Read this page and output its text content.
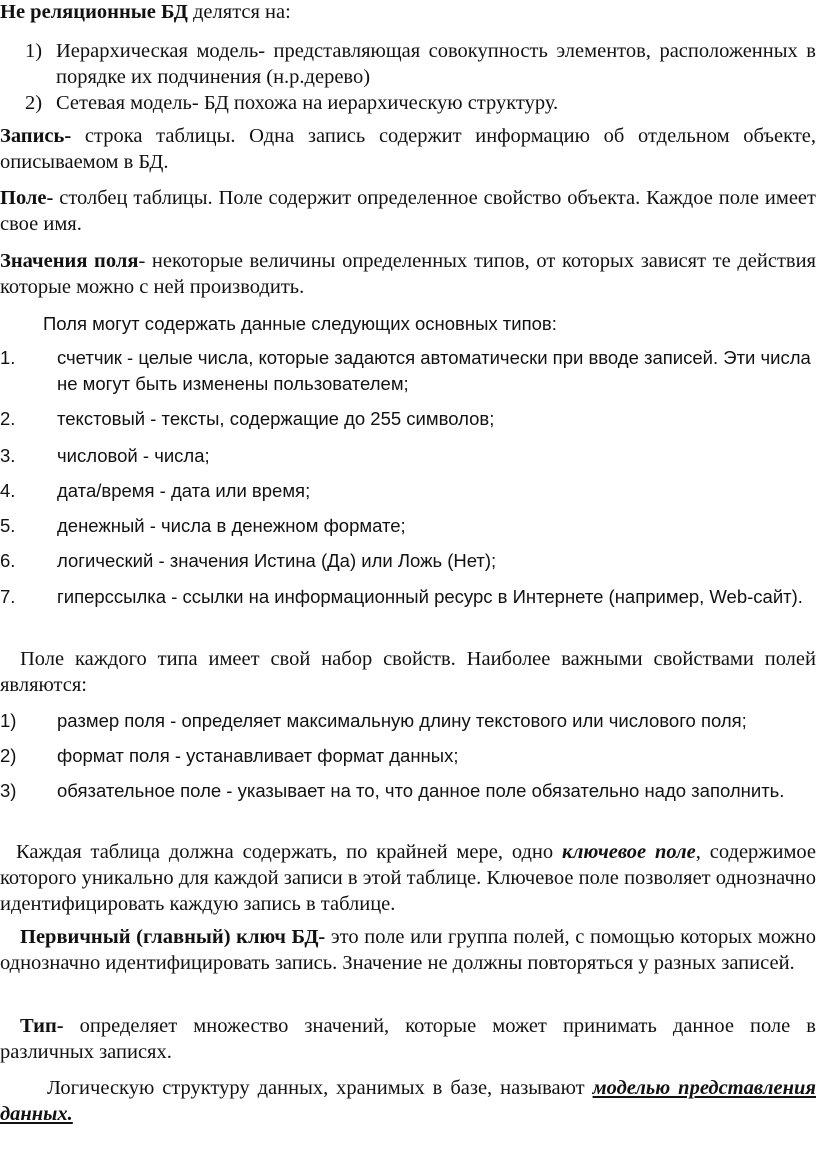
Не реляционные БД делятся на:

1) Иерархическая модель- представляющая совокупность элементов, расположенных в порядке их подчинения (н.р.дерево)
2) Сетевая модель- БД похожа на иерархическую структуру.

Запись- строка таблицы. Одна запись содержит информацию об отдельном объекте, описываемом в БД.

Поле- столбец таблицы. Поле содержит определенное свойство объекта. Каждое поле имеет свое имя.

Значения поля- некоторые величины определенных типов, от которых зависят те действия которые можно с ней производить.

Поля могут содержать данные следующих основных типов:

1.	счетчик - целые числа, которые задаются автоматически при вводе записей. Эти числа не могут быть изменены пользователем;
2.	текстовый - тексты, содержащие до 255 символов;
3.	числовой - числа;
4.	дата/время - дата или время;
5.	денежный - числа в денежном формате;
6.	логический - значения Истина (Да) или Ложь (Нет);
7.	гиперссылка - ссылки на информационный ресурс в Интернете (например, Web-сайт).

Поле каждого типа имеет свой набор свойств. Наиболее важными свойствами полей являются:

1)	размер поля - определяет максимальную длину текстового или числового поля;
2)	формат поля - устанавливает формат данных;
3)	обязательное поле - указывает на то, что данное поле обязательно надо заполнить.

Каждая таблица должна содержать, по крайней мере, одно ключевое поле, содержимое которого уникально для каждой записи в этой таблице. Ключевое поле позволяет однозначно идентифицировать каждую запись в таблице.

Первичный (главный) ключ БД- это поле или группа полей, с помощью которых можно однозначно идентифицировать запись. Значение не должны повторяться у разных записей.

Тип- определяет множество значений, которые может принимать данное поле в различных записях.

Логическую структуру данных, хранимых в базе, называют моделью представления данных.
